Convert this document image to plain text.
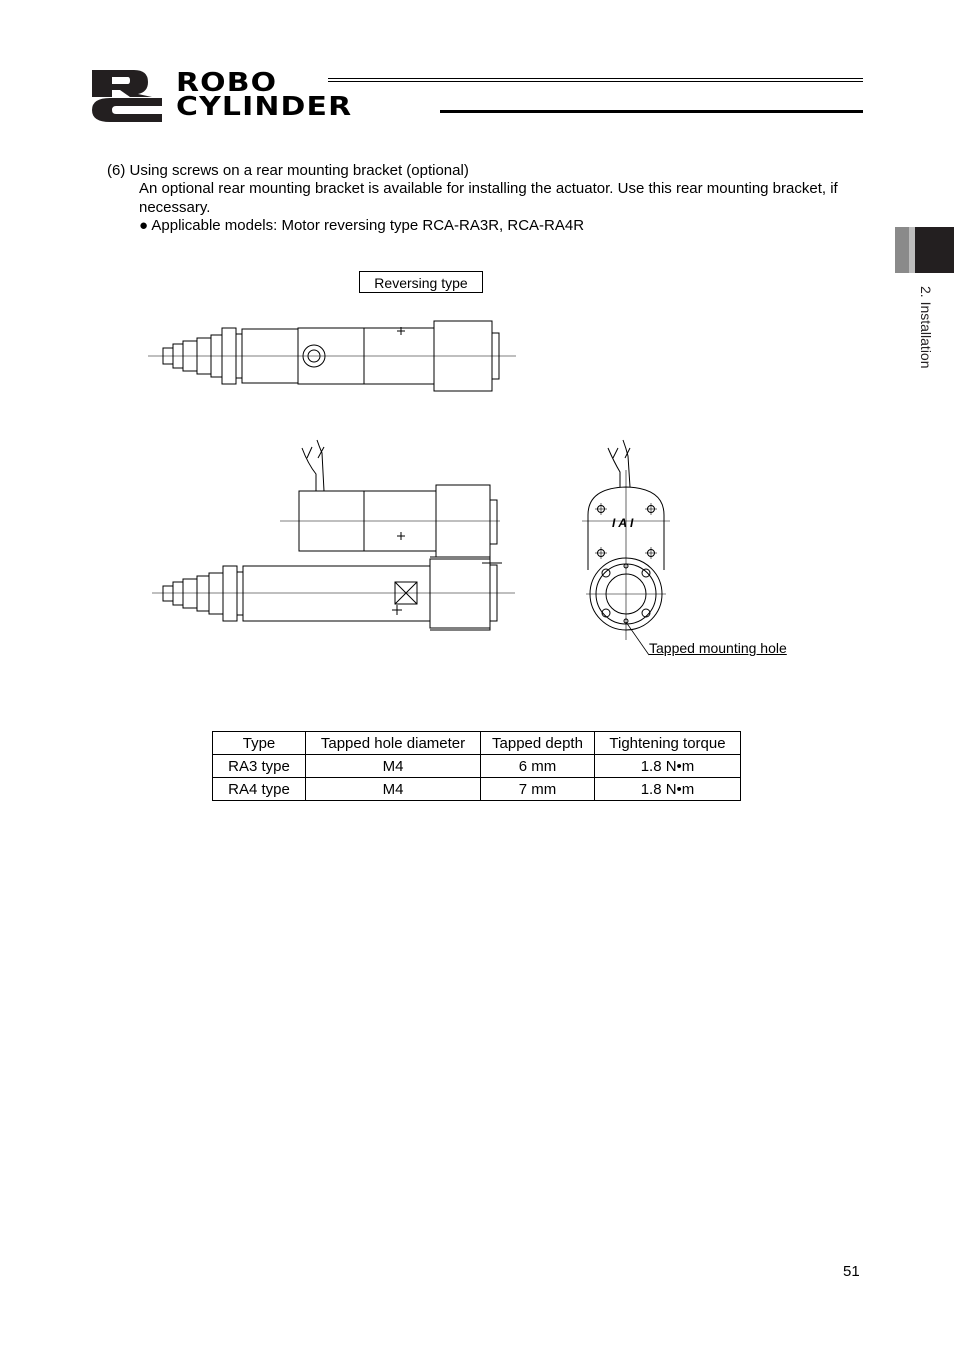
ROBO
CYLINDER
2. Installation
(6) Using screws on a rear mounting bracket (optional)
An optional rear mounting bracket is available for installing the actuator. Use this rear mounting bracket, if necessary.
● Applicable models: Motor reversing type RCA-RA3R, RCA-RA4R
IAI
Reversing type
Tapped mounting hole
Type	Tapped hole diameter	Tapped depth	Tightening torque
RA3 type	M4	6 mm	1.8 N•m
RA4 type	M4	7 mm	1.8 N•m
51
